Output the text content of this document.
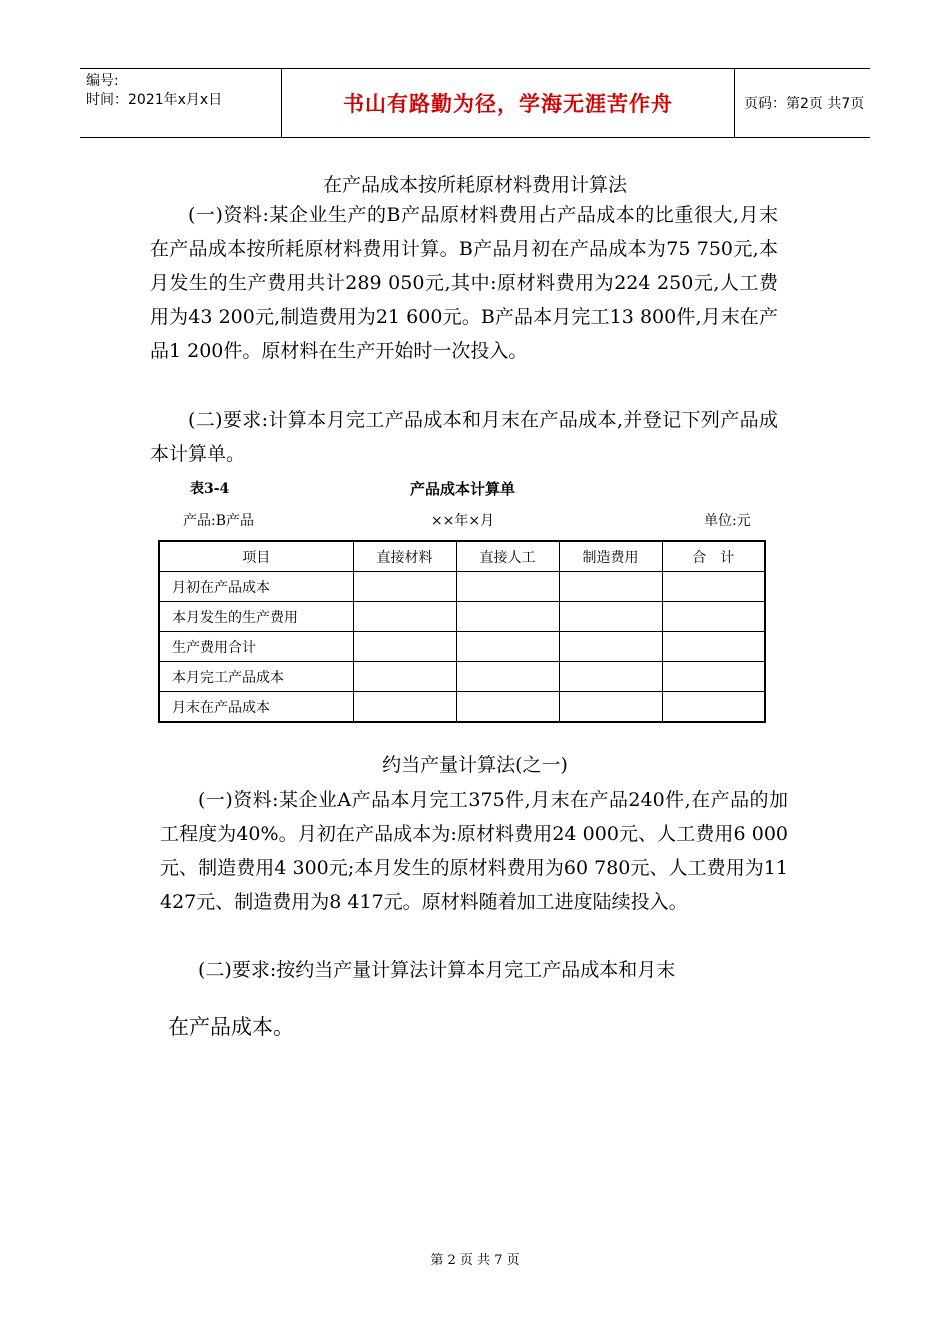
编号:
时间：2021年x月x日	书山有路勤为径，学海无涯苦作舟	页码：第2页 共7页
在产品成本按所耗原材料费用计算法

(一)资料:某企业生产的B产品原材料费用占产品成本的比重很大,月末在产品成本按所耗原材料费用计算。B产品月初在产品成本为75 750元,本月发生的生产费用共计289 050元,其中:原材料费用为224 250元,人工费用为43 200元,制造费用为21 600元。B产品本月完工13 800件,月末在产品1 200件。原材料在生产开始时一次投入。

(二)要求:计算本月完工产品成本和月末在产品成本,并登记下列产品成本计算单。

表3-4	产品成本计算单
产品:B产品	××年×月	单位:元
项目	直接材料	直接人工	制造费用	合　计
月初在产品成本				
本月发生的生产费用				
生产费用合计				
本月完工产品成本				
月末在产品成本				
约当产量计算法(之一)

(一)资料:某企业A产品本月完工375件,月末在产品240件,在产品的加工程度为40%。月初在产品成本为:原材料费用24 000元、人工费用6 000元、制造费用4 300元;本月发生的原材料费用为60 780元、人工费用为11 427元、制造费用为8 417元。原材料随着加工进度陆续投入。

(二)要求:按约当产量计算法计算本月完工产品成本和月末

在产品成本。

第 2 页 共 7 页
